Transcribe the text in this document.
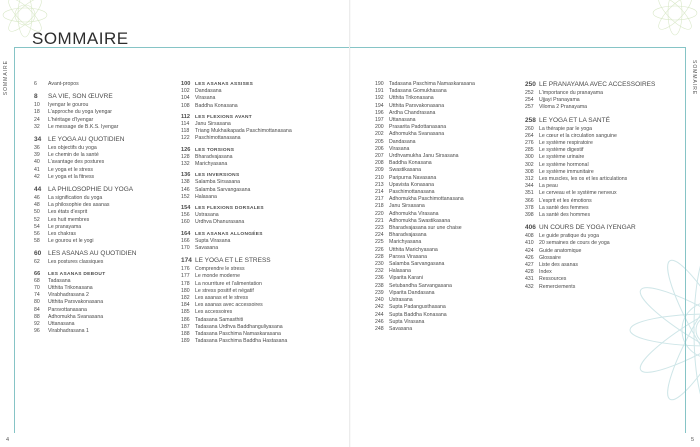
SOMMAIRE
SOMMAIRE
6	Avant-propos
8	SA VIE, SON ŒUVRE
10	Iyengar le gourou
18	L’approche du yoga Iyengar
24	L’héritage d’Iyengar
32	Le message de B.K.S. Iyengar
34	LE YOGA AU QUOTIDIEN
36	Les objectifs du yoga
39	Le chemin de la santé
40	L’avantage des postures
41	Le yoga et le stress
42	Le yoga et la fitness
44	LA PHILOSOPHIE DU YOGA
46	La signification du yoga
48	La philosophie des asanas
50	Les états d’esprit
52	Les huit membres
54	Le pranayama
56	Les chakras
58	Le gourou et le yogi
60	LES ASANAS AU QUOTIDIEN
62	Les postures classiques
66	LES ASANAS DEBOUT
68	Tadasana
70	Utthita Trikonasana
74	Virabhadrasana 2
80	Utthita Parsvakonasana
84	Parsvottanasana
88	Adhomukha Svanasana
92	Uttanasana
96	Virabhadrasana 1
100 LES ASANAS ASSISES
102	Dandasana
104	Virasana
108	Baddha Konasana
112	LES FLEXIONS AVANT
114	Janu Sirsasana
118	Triang Mukhaikapada Paschimottanasana
122	Paschimottanasana
126 LES TORSIONS
128	Bharadvajasana
132	Marichyasana
136 LES INVERSIONS
138	Salamba Sirsasana
146	Salamba Sarvangasana
152	Halasana
154 LES FLEXIONS DORSALES
156	Ustrasana
160	Urdhva Dhanurasana
164 LES ASANAS ALLONGÉES
166	Supta Virasana
170	Savasana
174 LE YOGA ET LE STRESS
176	Comprendre le stress
177	Le monde moderne
178	La nourriture et l’alimentation
180	Le stress positif et négatif
182	Les asanas et le stress
184	Les asanas avec accessoires
185	Les accessoires
186	Tadasana Samasthiti
187	Tadasana Urdhva Baddhanguliyasana
188	Tadasana Paschima Namaskarasana
189	Tadasana Paschima Baddha Hastasana
4
SOMMAIRE
190	Tadasana Paschima Namaskarasana
191	Tadasana Gomukhasana
192	Utthita Trikonasana
194	Utthita Parsvakonasana
196	Ardha Chandrasana
197	Uttanasana
200	Prasarita Padottanasana
202	Adhomukha Svanasana
205	Dandasana
206	Virasana
207	Urdhvamukha Janu Sirsasana
208	Baddha Konasana
209	Swastikasana
210	Paripurna Navasana
213	Upavista Konasana
214	Paschimottanasana
217	Adhomukha Paschimottanasana
218	Janu Sirsasana
220	Adhomukha Virasana
221	Adhomukha Swastikasana
223	Bharadvajasana sur une chaise
224	Bharadvajasana
225	Marichyasana
226	Utthita Marichyasana
228	Parsva Virasana
230	Salamba Sarvangasana
232	Halasana
236	Viparita Karani
238	Setubandha Sarvangasana
239	Viparita Dandasana
240	Ustrasana
242	Supta Padangusthasana
244	Supta Baddha Konasana
246	Supta Virasana
248	Savasana
250 LE PRANAYAMA AVEC ACCESSOIRES
252	L’importance du pranayama
254	Ujjayi Pranayama
257	Viloma 2 Pranayama
258 LE YOGA ET LA SANTÉ
260	La thérapie par le yoga
264	Le cœur et la circulation sanguine
276	Le système respiratoire
285	Le système digestif
300	Le système urinaire
302	Le système hormonal
308	Le système immunitaire
312	Les muscles, les os et les articulations
344	La peau
351	Le cerveau et le système nerveux
366	L’esprit et les émotions
378	La santé des femmes
398	La santé des hommes
406 UN COURS DE YOGA IYENGAR
408	Le guide pratique du yoga
410	20 semaines de cours de yoga
424	Guide anatomique
426	Glossaire
427	Liste des asanas
428	Index
431	Ressources
432	Remerciements
5
